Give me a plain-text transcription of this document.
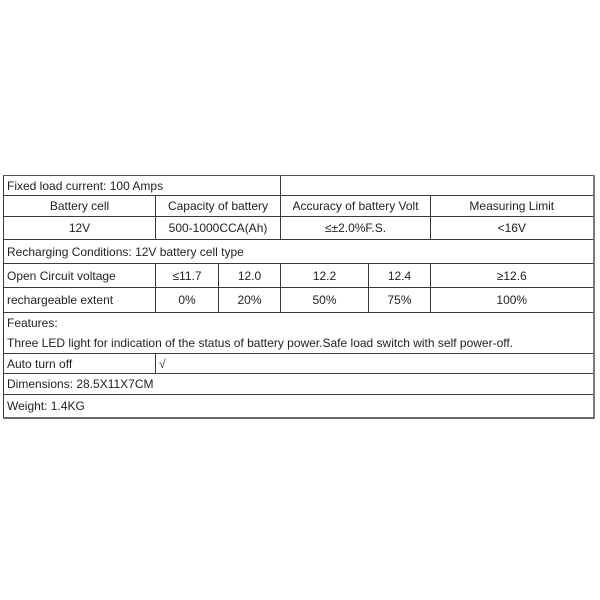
Fixed load current: 100 Amps					
Battery cell	Capacity of battery		Accuracy of battery Volt		Measuring Limit
12V	500-1000CCA(Ah)		≤±2.0%F.S.		<16V
Recharging Conditions: 12V battery cell type					
Open Circuit voltage	≤11.7	12.0	12.2	12.4	≥12.6
rechargeable extent	0%	20%	50%	75%	100%

Features:
Three LED light for indication of the status of battery power.Safe load switch with self power-off.					

Auto turn off	√				
Dimensions: 28.5X11X7CM					
Weight: 1.4KG					
